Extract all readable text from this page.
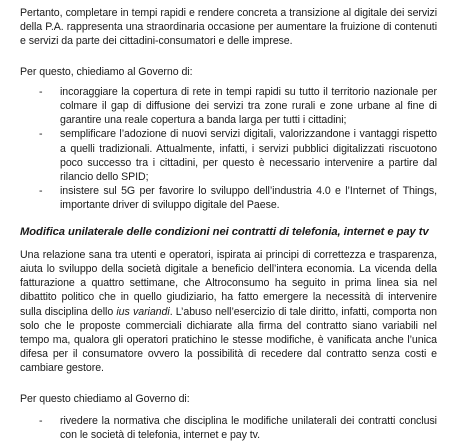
Pertanto, completare in tempi rapidi e rendere concreta a transizione al digitale dei servizi della P.A. rappresenta una straordinaria occasione per aumentare la fruizione di contenuti e servizi da parte dei cittadini-consumatori e delle imprese.

Per questo, chiediamo al Governo di:

- incoraggiare la copertura di rete in tempi rapidi su tutto il territorio nazionale per colmare il gap di diffusione dei servizi tra zone rurali e zone urbane al fine di garantire una reale copertura a banda larga per tutti i cittadini;
- semplificare l’adozione di nuovi servizi digitali, valorizzandone i vantaggi rispetto a quelli tradizionali. Attualmente, infatti, i servizi pubblici digitalizzati riscuotono poco successo tra i cittadini, per questo è necessario intervenire a partire dal rilancio dello SPID;
- insistere sul 5G per favorire lo sviluppo dell’industria 4.0 e l’Internet of Things, importante driver di sviluppo digitale del Paese.

Modifica unilaterale delle condizioni nei contratti di telefonia, internet e pay tv

Una relazione sana tra utenti e operatori, ispirata ai principi di correttezza e trasparenza, aiuta lo sviluppo della società digitale a beneficio dell’intera economia. La vicenda della fatturazione a quattro settimane, che Altroconsumo ha seguito in prima linea sia nel dibattito politico che in quello giudiziario, ha fatto emergere la necessità di intervenire sulla disciplina dello ius variandi. L’abuso nell’esercizio di tale diritto, infatti, comporta non solo che le proposte commerciali dichiarate alla firma del contratto siano variabili nel tempo ma, qualora gli operatori pratichino le stesse modifiche, è vanificata anche l’unica difesa per il consumatore ovvero la possibilità di recedere dal contratto senza costi e cambiare gestore.

Per questo chiediamo al Governo di:

- rivedere la normativa che disciplina le modifiche unilaterali dei contratti conclusi con le società di telefonia, internet e pay tv.
